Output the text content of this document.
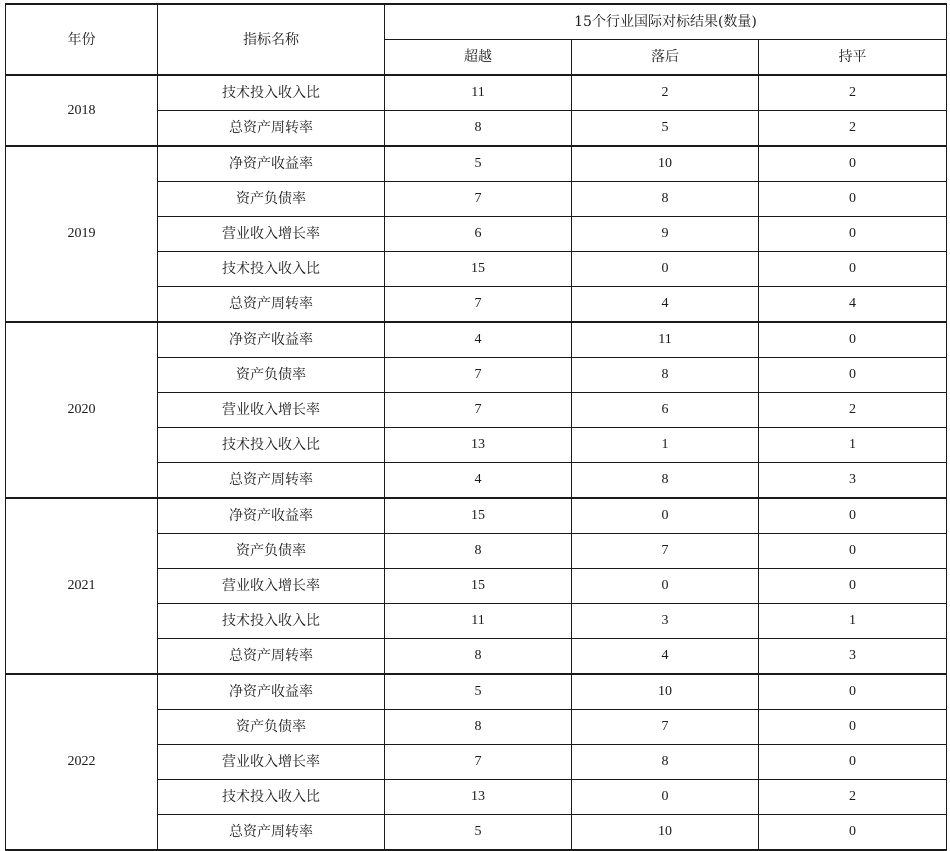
年份	指标名称	15个行业国际对标结果(数量)		
		超越	落后	持平
2018	技术投入收入比	11	2	2
	总资产周转率	8	5	2
2019	净资产收益率	5	10	0
	资产负债率	7	8	0
	营业收入增长率	6	9	0
	技术投入收入比	15	0	0
	总资产周转率	7	4	4
2020	净资产收益率	4	11	0
	资产负债率	7	8	0
	营业收入增长率	7	6	2
	技术投入收入比	13	1	1
	总资产周转率	4	8	3
2021	净资产收益率	15	0	0
	资产负债率	8	7	0
	营业收入增长率	15	0	0
	技术投入收入比	11	3	1
	总资产周转率	8	4	3
2022	净资产收益率	5	10	0
	资产负债率	8	7	0
	营业收入增长率	7	8	0
	技术投入收入比	13	0	2
	总资产周转率	5	10	0
